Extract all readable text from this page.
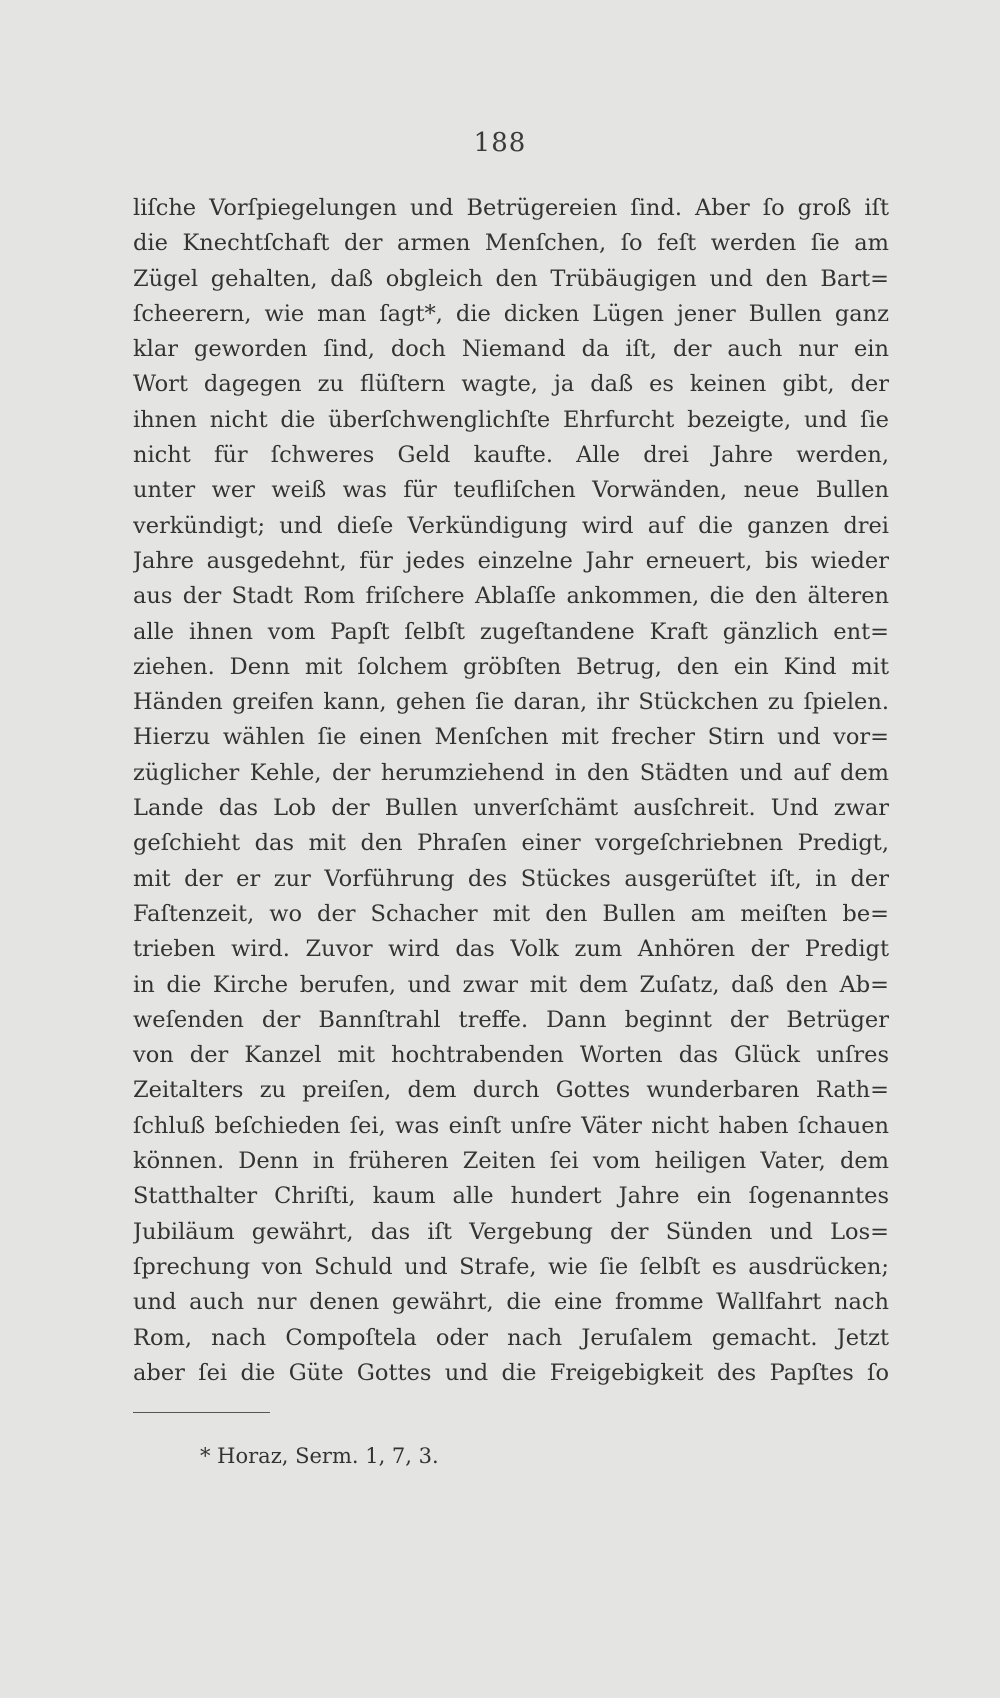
188
liſche Vorſpiegelungen und Betrügereien ſind. Aber ſo groß iſt
die Knechtſchaft der armen Menſchen, ſo feſt werden ſie am
Zügel gehalten, daß obgleich den Trübäugigen und den Bart=
ſcheerern, wie man ſagt*, die dicken Lügen jener Bullen ganz
klar geworden ſind, doch Niemand da iſt, der auch nur ein
Wort dagegen zu flüſtern wagte, ja daß es keinen gibt, der
ihnen nicht die überſchwenglichſte Ehrfurcht bezeigte, und ſie
nicht für ſchweres Geld kaufte. Alle drei Jahre werden,
unter wer weiß was für teufliſchen Vorwänden, neue Bullen
verkündigt; und dieſe Verkündigung wird auf die ganzen drei
Jahre ausgedehnt, für jedes einzelne Jahr erneuert, bis wieder
aus der Stadt Rom friſchere Ablaſſe ankommen, die den älteren
alle ihnen vom Papſt ſelbſt zugeſtandene Kraft gänzlich ent=
ziehen. Denn mit ſolchem gröbſten Betrug, den ein Kind mit
Händen greifen kann, gehen ſie daran, ihr Stückchen zu ſpielen.
Hierzu wählen ſie einen Menſchen mit frecher Stirn und vor=
züglicher Kehle, der herumziehend in den Städten und auf dem
Lande das Lob der Bullen unverſchämt ausſchreit. Und zwar
geſchieht das mit den Phraſen einer vorgeſchriebnen Predigt,
mit der er zur Vorführung des Stückes ausgerüſtet iſt, in der
Faſtenzeit, wo der Schacher mit den Bullen am meiſten be=
trieben wird. Zuvor wird das Volk zum Anhören der Predigt
in die Kirche berufen, und zwar mit dem Zuſatz, daß den Ab=
weſenden der Bannſtrahl treffe. Dann beginnt der Betrüger
von der Kanzel mit hochtrabenden Worten das Glück unſres
Zeitalters zu preiſen, dem durch Gottes wunderbaren Rath=
ſchluß beſchieden ſei, was einſt unſre Väter nicht haben ſchauen
können. Denn in früheren Zeiten ſei vom heiligen Vater, dem
Statthalter Chriſti, kaum alle hundert Jahre ein ſogenanntes
Jubiläum gewährt, das iſt Vergebung der Sünden und Los=
ſprechung von Schuld und Strafe, wie ſie ſelbſt es ausdrücken;
und auch nur denen gewährt, die eine fromme Wallfahrt nach
Rom, nach Compoſtela oder nach Jeruſalem gemacht. Jetzt
aber ſei die Güte Gottes und die Freigebigkeit des Papſtes ſo
* Horaz, Serm. 1, 7, 3.
